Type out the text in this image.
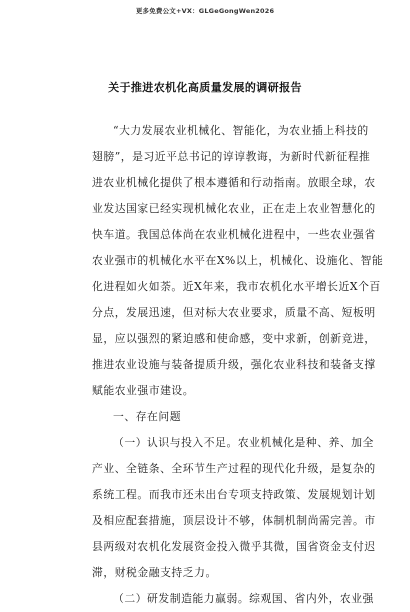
更多免费公文+VX：GLGeGongWen2026
关于推进农机化高质量发展的调研报告
“大力发展农业机械化、智能化，为农业插上科技的
翅膀”，是习近平总书记的谆谆教诲，为新时代新征程推
进农业机械化提供了根本遵循和行动指南。放眼全球，农
业发达国家已经实现机械化农业，正在走上农业智慧化的
快车道。我国总体尚在农业机械化进程中，一些农业强省
农业强市的机械化水平在X%以上，机械化、设施化、智能
化进程如火如荼。近X年来，我市农机化水平增长近X个百
分点，发展迅速，但对标大农业要求，质量不高、短板明
显，应以强烈的紧迫感和使命感，变中求新，创新竞进，
推进农业设施与装备提质升级，强化农业科技和装备支撑
赋能农业强市建设。
一、存在问题
（一）认识与投入不足。农业机械化是种、养、加全
产业、全链条、全环节生产过程的现代化升级，是复杂的
系统工程。而我市还未出台专项支持政策、发展规划计划
及相应配套措施，顶层设计不够，体制机制尚需完善。市
县两级对农机化发展资金投入微乎其微，国省资金支付迟
滞，财税金融支持乏力。
（二）研发制造能力羸弱。综观国、省内外，农业强
